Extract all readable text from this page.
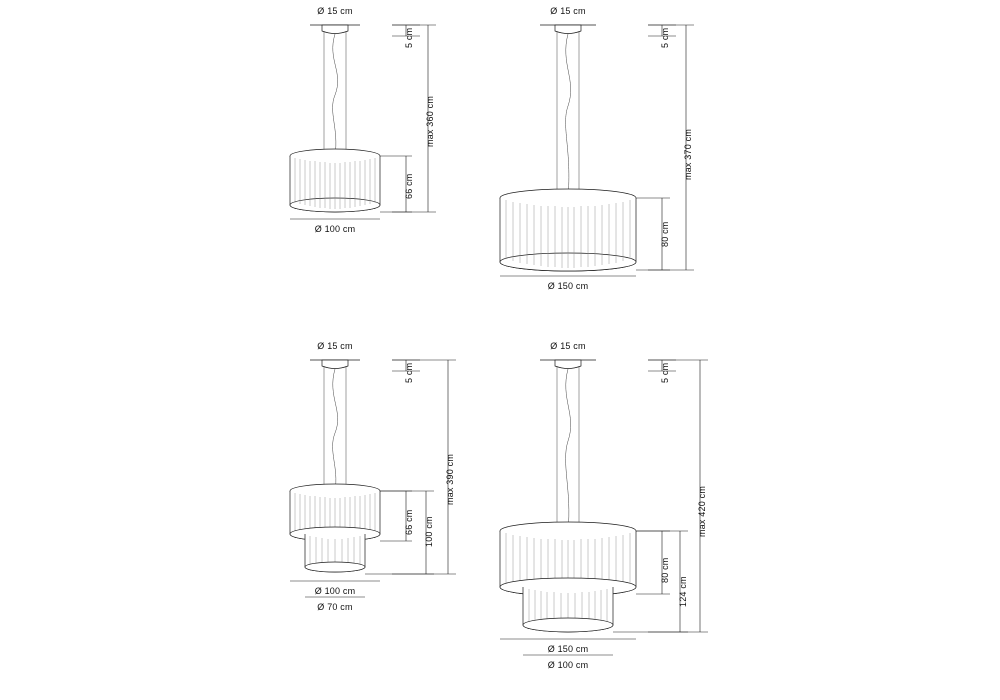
Ø 15 cm
5 cm
max 360 cm
66 cm
Ø 100 cm
Ø 15 cm
5 cm
max 370 cm
80 cm
Ø 150 cm
Ø 15 cm
5 cm
max 390 cm
66 cm 100 cm
Ø 100 cm
Ø 70 cm
Ø 15 cm
5 cm
max 420 cm
80 cm
124 cm
Ø 150 cm
Ø 100 cm
